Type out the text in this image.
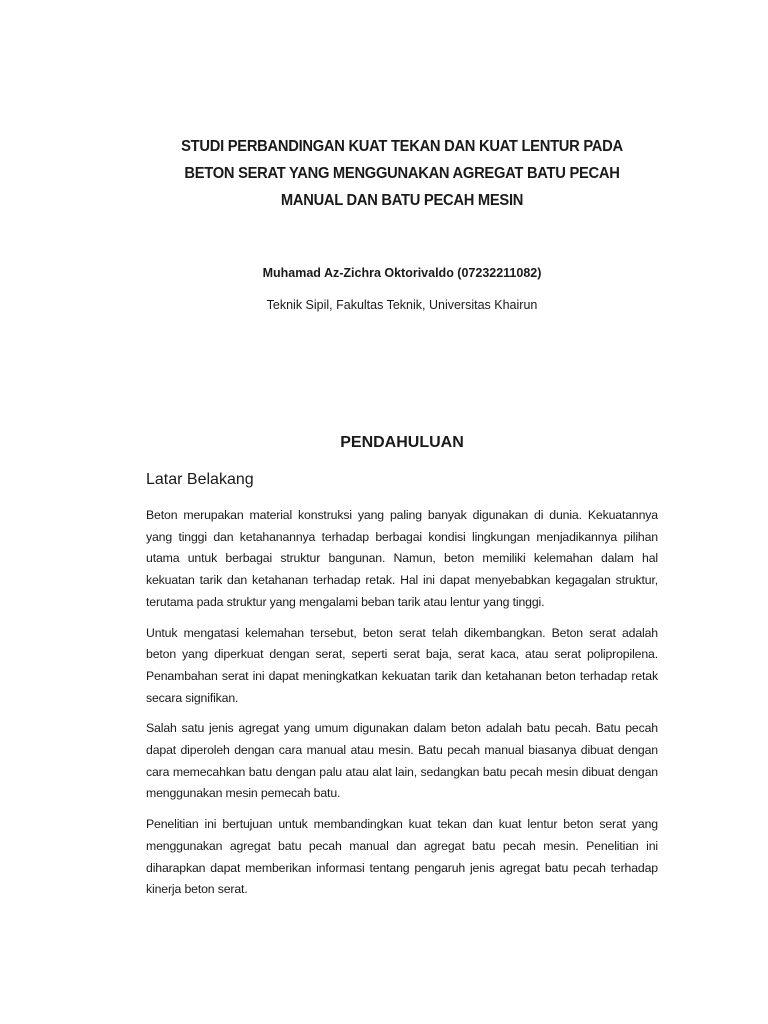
STUDI PERBANDINGAN KUAT TEKAN DAN KUAT LENTUR PADA
BETON SERAT YANG MENGGUNAKAN AGREGAT BATU PECAH
MANUAL DAN BATU PECAH MESIN
Muhamad Az-Zichra Oktorivaldo (07232211082)
Teknik Sipil, Fakultas Teknik, Universitas Khairun
PENDAHULUAN
Latar Belakang

Beton merupakan material konstruksi yang paling banyak digunakan di dunia. Kekuatannya yang tinggi dan ketahanannya terhadap berbagai kondisi lingkungan menjadikannya pilihan utama untuk berbagai struktur bangunan. Namun, beton memiliki kelemahan dalam hal kekuatan tarik dan ketahanan terhadap retak. Hal ini dapat menyebabkan kegagalan struktur, terutama pada struktur yang mengalami beban tarik atau lentur yang tinggi.

Untuk mengatasi kelemahan tersebut, beton serat telah dikembangkan. Beton serat adalah beton yang diperkuat dengan serat, seperti serat baja, serat kaca, atau serat polipropilena. Penambahan serat ini dapat meningkatkan kekuatan tarik dan ketahanan beton terhadap retak secara signifikan.

Salah satu jenis agregat yang umum digunakan dalam beton adalah batu pecah. Batu pecah dapat diperoleh dengan cara manual atau mesin. Batu pecah manual biasanya dibuat dengan cara memecahkan batu dengan palu atau alat lain, sedangkan batu pecah mesin dibuat dengan menggunakan mesin pemecah batu.

Penelitian ini bertujuan untuk membandingkan kuat tekan dan kuat lentur beton serat yang menggunakan agregat batu pecah manual dan agregat batu pecah mesin. Penelitian ini diharapkan dapat memberikan informasi tentang pengaruh jenis agregat batu pecah terhadap kinerja beton serat.
